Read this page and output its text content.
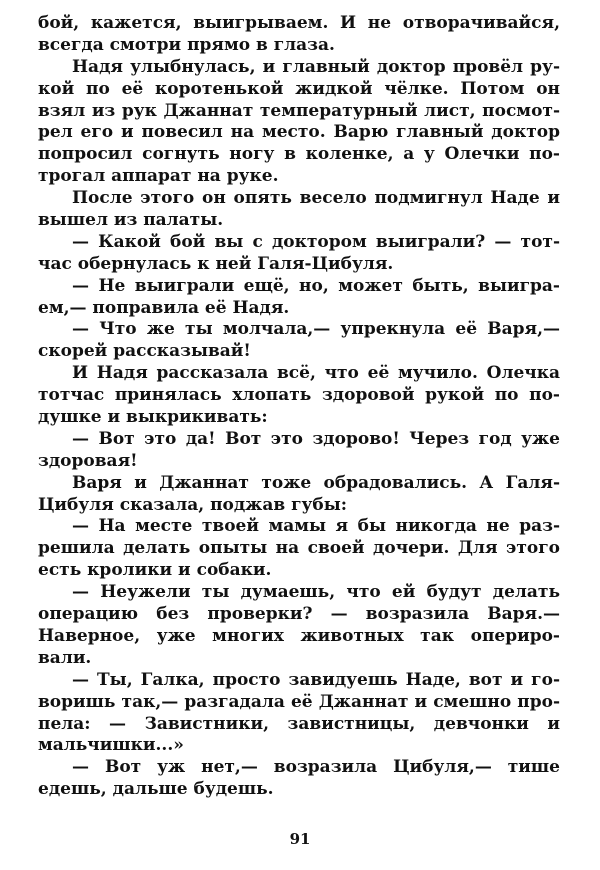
бой, кажется, выигрываем. И не отворачивайся,
всегда смотри прямо в глаза.
Надя улыбнулась, и главный доктор провёл ру-
кой по её коротенькой жидкой чёлке. Потом он
взял из рук Джаннат температурный лист, посмот-
рел его и повесил на место. Варю главный доктор
попросил согнуть ногу в коленке, а у Олечки по-
трогал аппарат на руке.
После этого он опять весело подмигнул Наде и
вышел из палаты.
— Какой бой вы с доктором выиграли? — тот-
час обернулась к ней Галя-Цибуля.
— Не выиграли ещё, но, может быть, выигра-
ем,— поправила её Надя.
— Что же ты молчала,— упрекнула её Варя,—
скорей рассказывай!
И Надя рассказала всё, что её мучило. Олечка
тотчас принялась хлопать здоровой рукой по по-
душке и выкрикивать:
— Вот это да! Вот это здорово! Через год уже
здоровая!
Варя и Джаннат тоже обрадовались. А Галя-
Цибуля сказала, поджав губы:
— На месте твоей мамы я бы никогда не раз-
решила делать опыты на своей дочери. Для этого
есть кролики и собаки.
— Неужели ты думаешь, что ей будут делать
операцию без проверки? — возразила Варя.—
Наверное, уже многих животных так опериро-
вали.
— Ты, Галка, просто завидуешь Наде, вот и го-
воришь так,— разгадала её Джаннат и смешно про-
пела: — Завистники, завистницы, девчонки и
мальчишки...»
— Вот уж нет,— возразила Цибуля,— тише
едешь, дальше будешь.
91
